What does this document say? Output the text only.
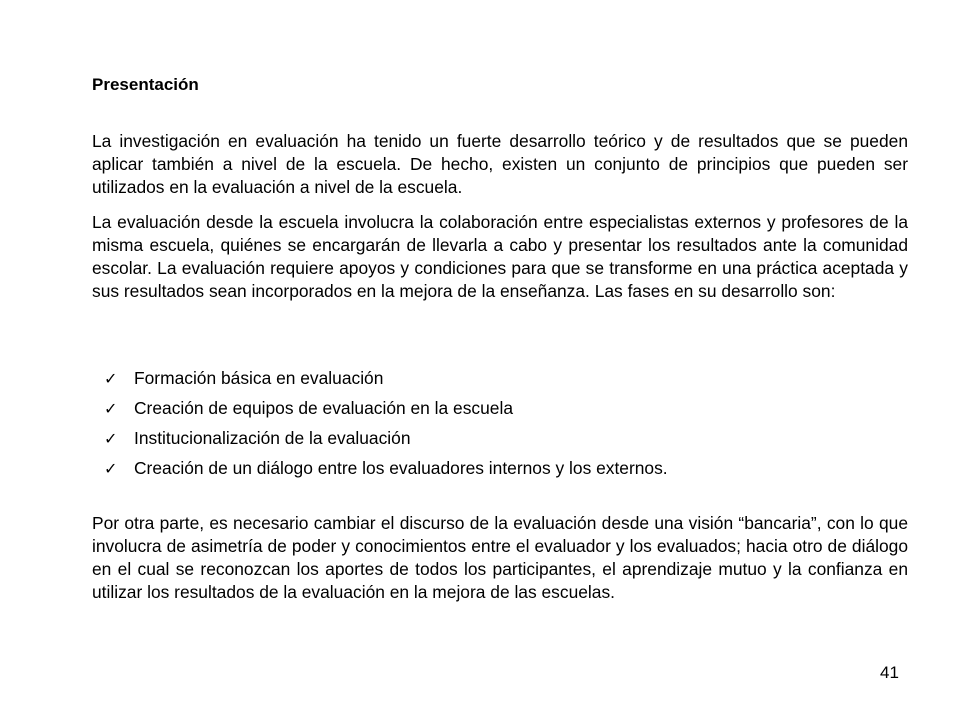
Presentación

La investigación en evaluación ha tenido un fuerte desarrollo teórico y de resultados que se pueden aplicar también a nivel de la escuela. De hecho, existen un conjunto de principios que pueden ser utilizados en la evaluación a nivel de la escuela.

La evaluación desde la escuela involucra la colaboración entre especialistas externos y profesores de la misma escuela, quiénes se encargarán de llevarla a cabo y presentar los resultados ante la comunidad escolar. La evaluación requiere apoyos y condiciones para que se transforme en una práctica aceptada y sus resultados sean incorporados en la mejora de la enseñanza. Las fases en su desarrollo son:

✓ Formación básica en evaluación
✓ Creación de equipos de evaluación en la escuela
✓ Institucionalización de la evaluación
✓ Creación de un diálogo entre los evaluadores internos y los externos.

Por otra parte, es necesario cambiar el discurso de la evaluación desde una visión “bancaria”, con lo que involucra de asimetría de poder y conocimientos entre el evaluador y los evaluados; hacia otro de diálogo en el cual se reconozcan los aportes de todos los participantes, el aprendizaje mutuo y la confianza en utilizar los resultados de la evaluación en la mejora de las escuelas.

41
